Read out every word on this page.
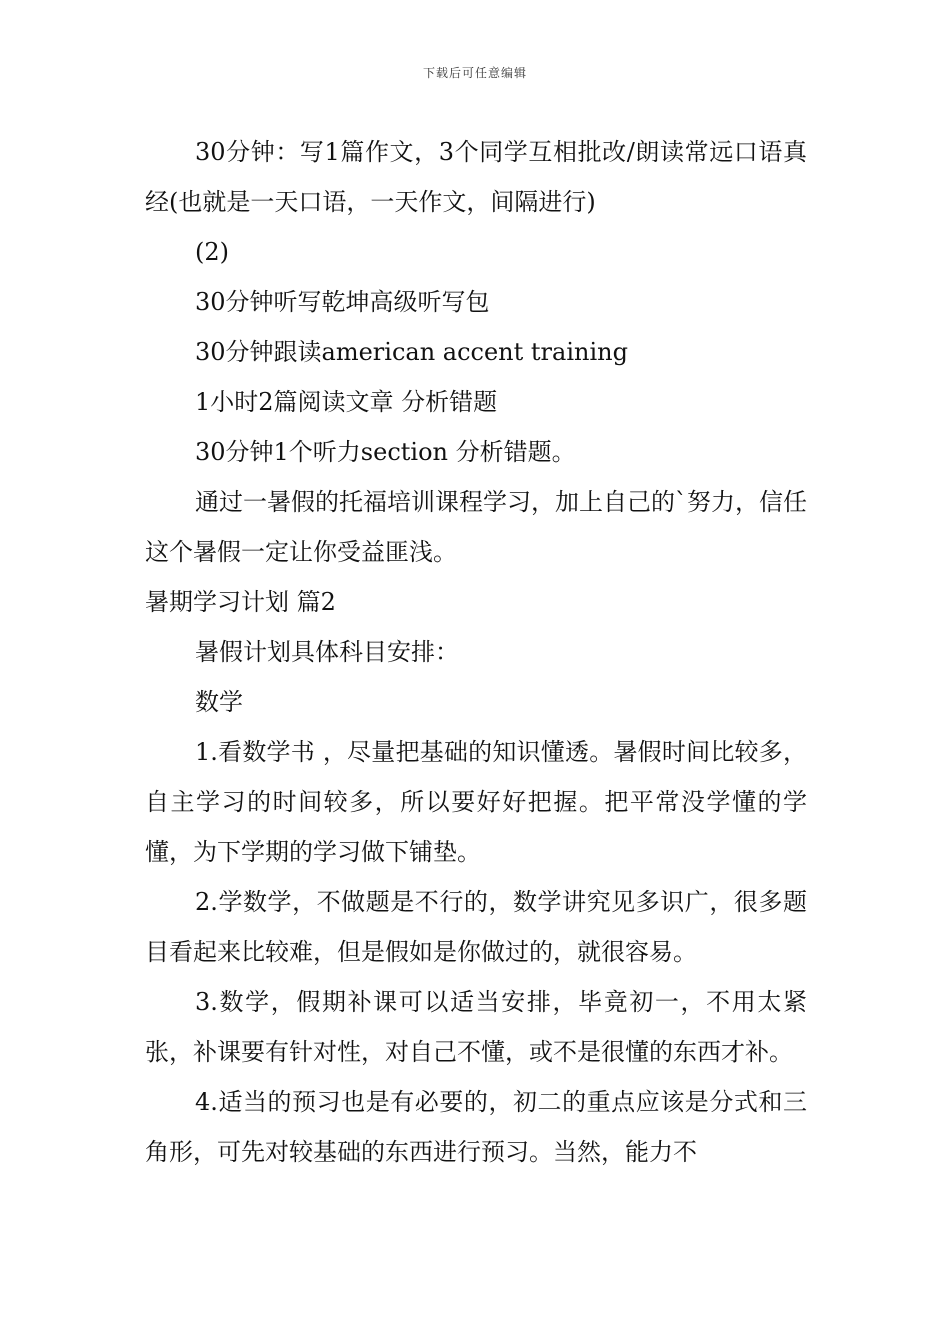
下载后可任意编辑

30分钟：写1篇作文，3个同学互相批改/朗读常远口语真经(也就是一天口语，一天作文，间隔进行)

(2)

30分钟听写乾坤高级听写包

30分钟跟读american accent training

1小时2篇阅读文章 分析错题

30分钟1个听力section 分析错题。

通过一暑假的托福培训课程学习，加上自己的`努力，信任这个暑假一定让你受益匪浅。

暑期学习计划 篇2

暑假计划具体科目安排：

数学

1.看数学书 ，尽量把基础的知识懂透。暑假时间比较多，自主学习的时间较多，所以要好好把握。把平常没学懂的学懂，为下学期的学习做下铺垫。

2.学数学，不做题是不行的，数学讲究见多识广，很多题目看起来比较难，但是假如是你做过的，就很容易。

3.数学，假期补课可以适当安排，毕竟初一，不用太紧张，补课要有针对性，对自己不懂，或不是很懂的东西才补。

4.适当的预习也是有必要的，初二的重点应该是分式和三角形，可先对较基础的东西进行预习。当然，能力不
